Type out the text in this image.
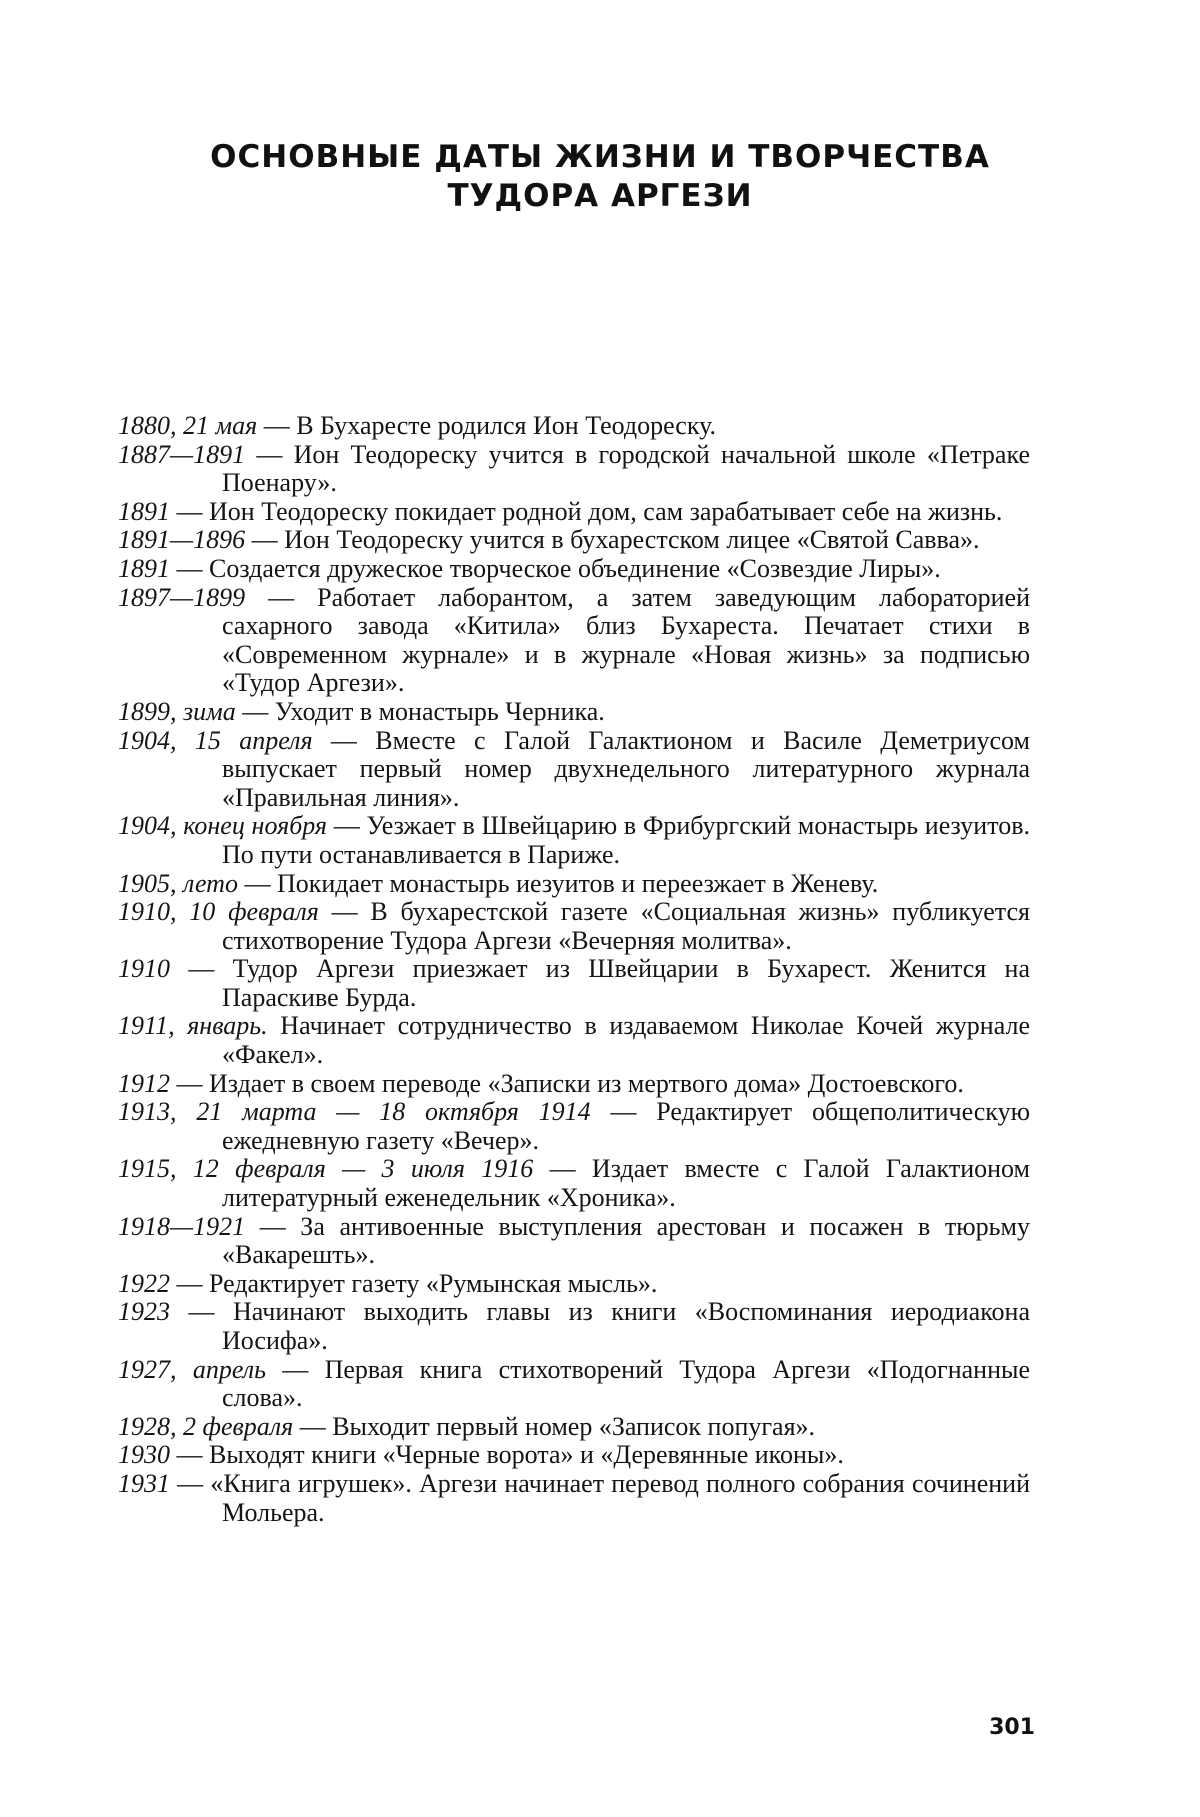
ОСНОВНЫЕ ДАТЫ ЖИЗНИ И ТВОРЧЕСТВА
ТУДОРА АРГЕЗИ
1880, 21 мая — В Бухаресте родился Ион Теодореску.
1887—1891 — Ион Теодореску учится в городской начальной школе «Петраке Поенару».
1891 — Ион Теодореску покидает родной дом, сам зарабатывает себе на жизнь.
1891—1896 — Ион Теодореску учится в бухарестском лицее «Святой Савва».
1891 — Создается дружеское творческое объединение «Созвездие Лиры».
1897—1899 — Работает лаборантом, а затем заведующим лабораторией сахарного завода «Китила» близ Бухареста. Печатает стихи в «Современном журнале» и в журнале «Новая жизнь» за подписью «Тудор Аргези».
1899, зима — Уходит в монастырь Черника.
1904, 15 апреля — Вместе с Галой Галактионом и Василе Деметриусом выпускает первый номер двухнедельного литературного журнала «Правильная линия».
1904, конец ноября — Уезжает в Швейцарию в Фрибургский монастырь иезуитов. По пути останавливается в Париже.
1905, лето — Покидает монастырь иезуитов и переезжает в Женеву.
1910, 10 февраля — В бухарестской газете «Социальная жизнь» публикуется стихотворение Тудора Аргези «Вечерняя молитва».
1910 — Тудор Аргези приезжает из Швейцарии в Бухарест. Женится на Параскиве Бурда.
1911, январь. Начинает сотрудничество в издаваемом Николае Кочей журнале «Факел».
1912 — Издает в своем переводе «Записки из мертвого дома» Достоевского.
1913, 21 марта — 18 октября 1914 — Редактирует общеполитическую ежедневную газету «Вечер».
1915, 12 февраля — 3 июля 1916 — Издает вместе с Галой Галактионом литературный еженедельник «Хроника».
1918—1921 — За антивоенные выступления арестован и посажен в тюрьму «Вакарешть».
1922 — Редактирует газету «Румынская мысль».
1923 — Начинают выходить главы из книги «Воспоминания иеродиакона Иосифа».
1927, апрель — Первая книга стихотворений Тудора Аргези «Подогнанные слова».
1928, 2 февраля — Выходит первый номер «Записок попугая».
1930 — Выходят книги «Черные ворота» и «Деревянные иконы».
1931 — «Книга игрушек». Аргези начинает перевод полного собрания сочинений Мольера.
301
